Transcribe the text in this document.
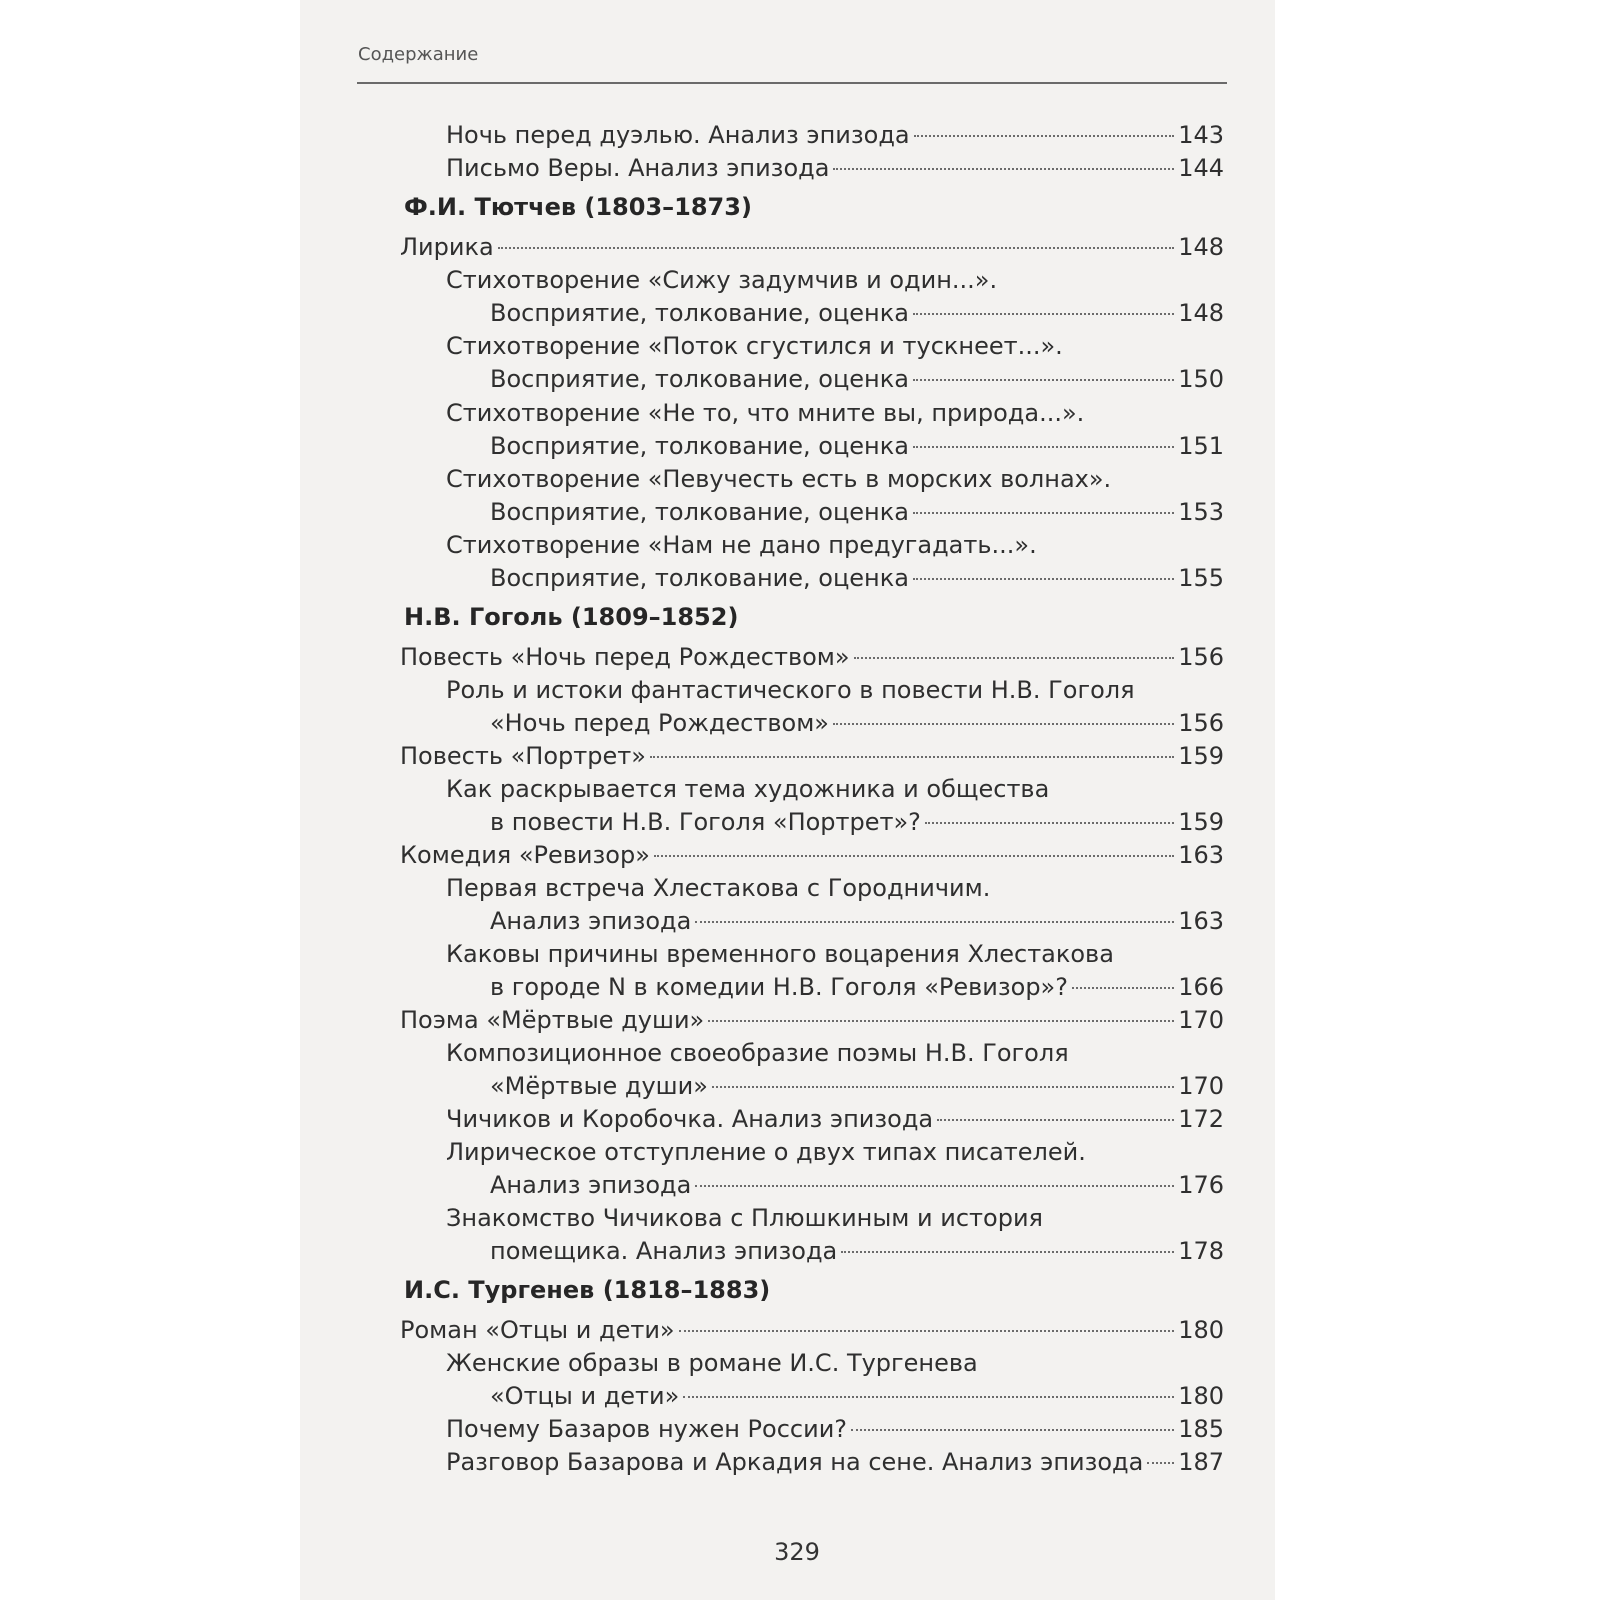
Содержание
Ночь перед дуэлью. Анализ эпизода	143
Письмо Веры. Анализ эпизода	144
Ф.И. Тютчев (1803–1873)
Лирика	148
Стихотворение «Сижу задумчив и один...».
Восприятие, толкование, оценка	148
Стихотворение «Поток сгустился и тускнеет...».
Восприятие, толкование, оценка	150
Стихотворение «Не то, что мните вы, природа...».
Восприятие, толкование, оценка	151
Стихотворение «Певучесть есть в морских волнах».
Восприятие, толкование, оценка	153
Стихотворение «Нам не дано предугадать...».
Восприятие, толкование, оценка	155
Н.В. Гоголь (1809–1852)
Повесть «Ночь перед Рождеством»	156
Роль и истоки фантастического в повести Н.В. Гоголя
«Ночь перед Рождеством»	156
Повесть «Портрет»	159
Как раскрывается тема художника и общества
в повести Н.В. Гоголя «Портрет»?	159
Комедия «Ревизор»	163
Первая встреча Хлестакова с Городничим.
Анализ эпизода	163
Каковы причины временного воцарения Хлестакова
в городе N в комедии Н.В. Гоголя «Ревизор»?	166
Поэма «Мёртвые души»	170
Композиционное своеобразие поэмы Н.В. Гоголя
«Мёртвые души»	170
Чичиков и Коробочка. Анализ эпизода	172
Лирическое отступление о двух типах писателей.
Анализ эпизода	176
Знакомство Чичикова с Плюшкиным и история
помещика. Анализ эпизода	178
И.С. Тургенев (1818–1883)
Роман «Отцы и дети»	180
Женские образы в романе И.С. Тургенева
«Отцы и дети»	180
Почему Базаров нужен России?	185
Разговор Базарова и Аркадия на сене. Анализ эпизода 187
329
